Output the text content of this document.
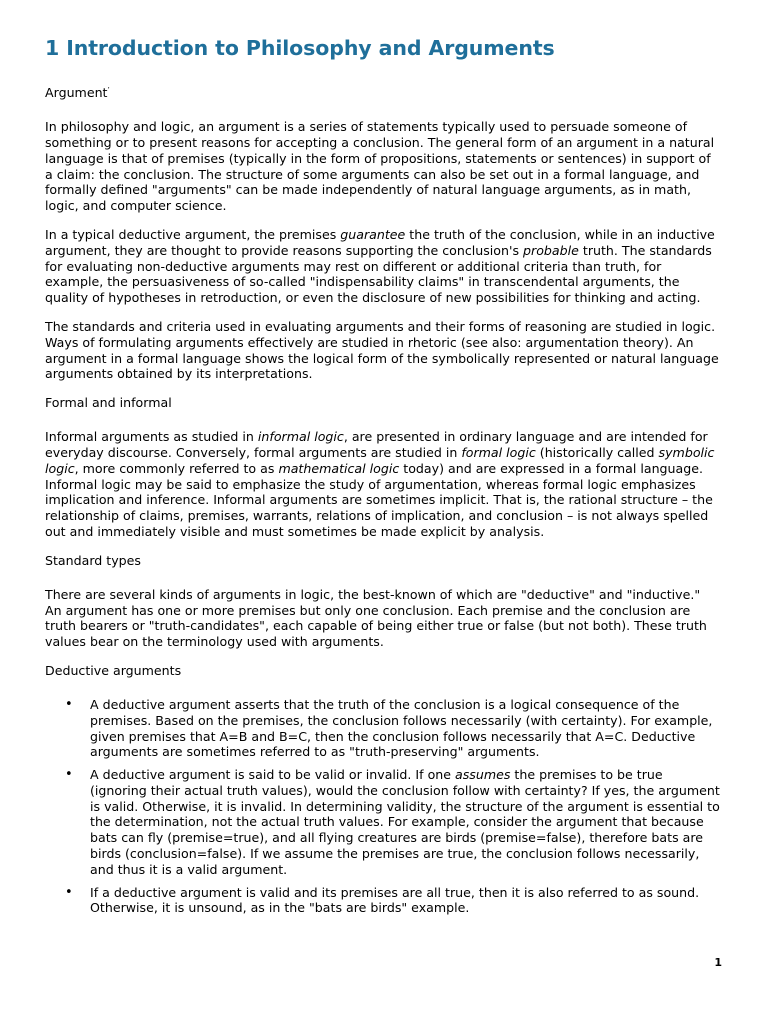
1 Introduction to Philosophy and Arguments
Argument’

In philosophy and logic, an argument is a series of statements typically used to persuade someone of something or to present reasons for accepting a conclusion. The general form of an argument in a natural language is that of premises (typically in the form of propositions, statements or sentences) in support of a claim: the conclusion. The structure of some arguments can also be set out in a formal language, and formally defined "arguments" can be made independently of natural language arguments, as in math, logic, and computer science.

In a typical deductive argument, the premises guarantee the truth of the conclusion, while in an inductive argument, they are thought to provide reasons supporting the conclusion's probable truth. The standards for evaluating non-deductive arguments may rest on different or additional criteria than truth, for example, the persuasiveness of so-called "indispensability claims" in transcendental arguments, the quality of hypotheses in retroduction, or even the disclosure of new possibilities for thinking and acting.

The standards and criteria used in evaluating arguments and their forms of reasoning are studied in logic. Ways of formulating arguments effectively are studied in rhetoric (see also: argumentation theory). An argument in a formal language shows the logical form of the symbolically represented or natural language arguments obtained by its interpretations.

Formal and informal

Informal arguments as studied in informal logic, are presented in ordinary language and are intended for everyday discourse. Conversely, formal arguments are studied in formal logic (historically called symbolic logic, more commonly referred to as mathematical logic today) and are expressed in a formal language. Informal logic may be said to emphasize the study of argumentation, whereas formal logic emphasizes implication and inference. Informal arguments are sometimes implicit. That is, the rational structure – the relationship of claims, premises, warrants, relations of implication, and conclusion – is not always spelled out and immediately visible and must sometimes be made explicit by analysis.

Standard types

There are several kinds of arguments in logic, the best-known of which are "deductive" and "inductive." An argument has one or more premises but only one conclusion. Each premise and the conclusion are truth bearers or "truth-candidates", each capable of being either true or false (but not both). These truth values bear on the terminology used with arguments.

Deductive arguments
• A deductive argument asserts that the truth of the conclusion is a logical consequence of the premises. Based on the premises, the conclusion follows necessarily (with certainty). For example, given premises that A=B and B=C, then the conclusion follows necessarily that A=C. Deductive arguments are sometimes referred to as "truth-preserving" arguments.
• A deductive argument is said to be valid or invalid. If one assumes the premises to be true (ignoring their actual truth values), would the conclusion follow with certainty? If yes, the argument is valid. Otherwise, it is invalid. In determining validity, the structure of the argument is essential to the determination, not the actual truth values. For example, consider the argument that because bats can fly (premise=true), and all flying creatures are birds (premise=false), therefore bats are birds (conclusion=false). If we assume the premises are true, the conclusion follows necessarily, and thus it is a valid argument.
• If a deductive argument is valid and its premises are all true, then it is also referred to as sound. Otherwise, it is unsound, as in the "bats are birds" example.
1
